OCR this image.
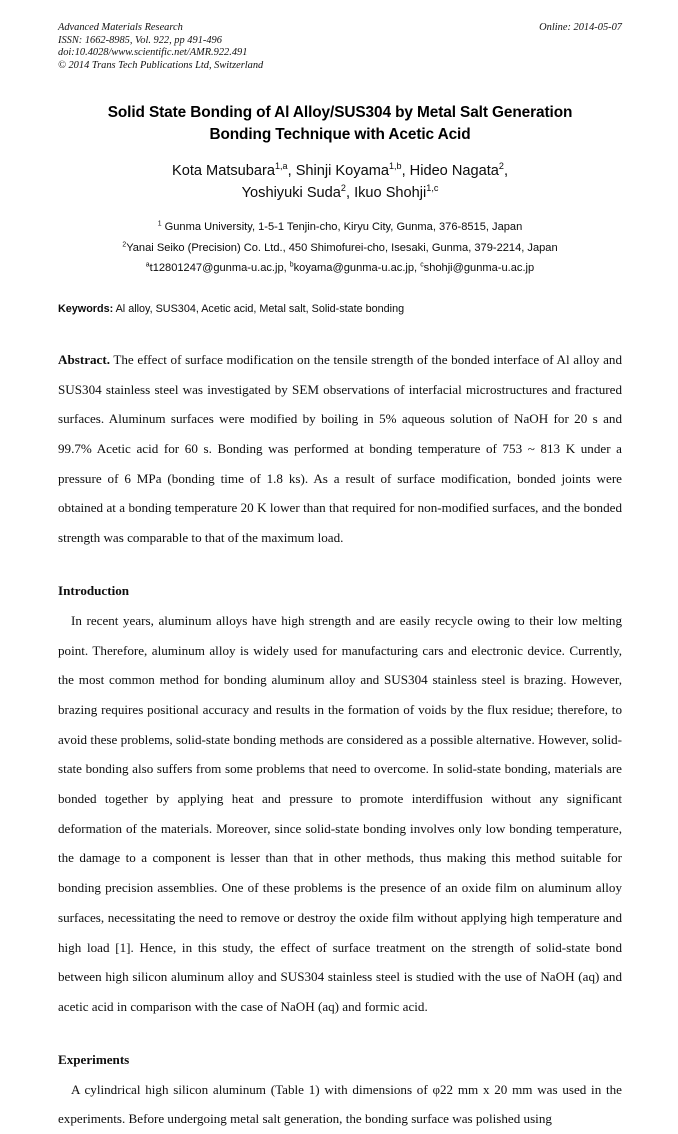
Advanced Materials Research
ISSN: 1662-8985, Vol. 922, pp 491-496
doi:10.4028/www.scientific.net/AMR.922.491
© 2014 Trans Tech Publications Ltd, Switzerland
Online: 2014-05-07
Solid State Bonding of Al Alloy/SUS304 by Metal Salt Generation Bonding Technique with Acetic Acid
Kota Matsubara$^{1,a}$, Shinji Koyama$^{1,b}$, Hideo Nagata$^2$,
Yoshiyuki Suda$^2$, Ikuo Shohji$^{1,c}$
$^1$ Gunma University, 1-5-1 Tenjin-cho, Kiryu City, Gunma, 376-8515, Japan
$^2$Yanai Seiko (Precision) Co. Ltd., 450 Shimofurei-cho, Isesaki, Gunma, 379-2214, Japan
$^a$t12801247@gunma-u.ac.jp, $^b$koyama@gunma-u.ac.jp, $^c$shohji@gunma-u.ac.jp
Keywords: Al alloy, SUS304, Acetic acid, Metal salt, Solid-state bonding

Abstract. The effect of surface modification on the tensile strength of the bonded interface of Al alloy and SUS304 stainless steel was investigated by SEM observations of interfacial microstructures and fractured surfaces. Aluminum surfaces were modified by boiling in 5% aqueous solution of NaOH for 20 s and 99.7% Acetic acid for 60 s. Bonding was performed at bonding temperature of 753 ~ 813 K under a pressure of 6 MPa (bonding time of 1.8 ks). As a result of surface modification, bonded joints were obtained at a bonding temperature 20 K lower than that required for non-modified surfaces, and the bonded strength was comparable to that of the maximum load.

Introduction

In recent years, aluminum alloys have high strength and are easily recycle owing to their low melting point. Therefore, aluminum alloy is widely used for manufacturing cars and electronic device. Currently, the most common method for bonding aluminum alloy and SUS304 stainless steel is brazing. However, brazing requires positional accuracy and results in the formation of voids by the flux residue; therefore, to avoid these problems, solid-state bonding methods are considered as a possible alternative. However, solid-state bonding also suffers from some problems that need to overcome. In solid-state bonding, materials are bonded together by applying heat and pressure to promote interdiffusion without any significant deformation of the materials. Moreover, since solid-state bonding involves only low bonding temperature, the damage to a component is lesser than that in other methods, thus making this method suitable for bonding precision assemblies. One of these problems is the presence of an oxide film on aluminum alloy surfaces, necessitating the need to remove or destroy the oxide film without applying high temperature and high load [1]. Hence, in this study, the effect of surface treatment on the strength of solid-state bond between high silicon aluminum alloy and SUS304 stainless steel is studied with the use of NaOH (aq) and acetic acid in comparison with the case of NaOH (aq) and formic acid.

Experiments

A cylindrical high silicon aluminum (Table 1) with dimensions of φ22 mm x 20 mm was used in the experiments. Before undergoing metal salt generation, the bonding surface was polished using
